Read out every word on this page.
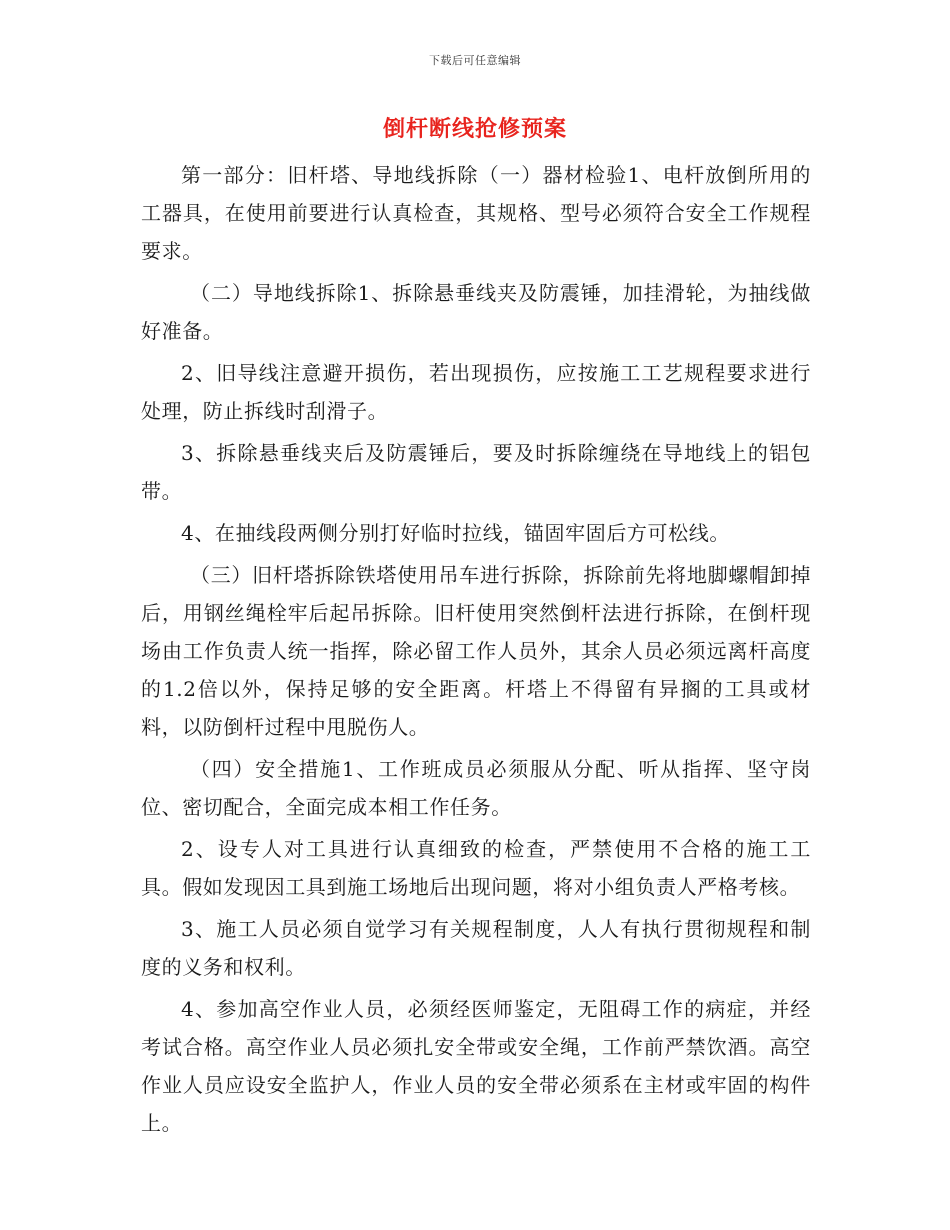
下载后可任意编辑
倒杆断线抢修预案

第一部分：旧杆塔、导地线拆除（一）器材检验1、电杆放倒所用的工器具，在使用前要进行认真检查，其规格、型号必须符合安全工作规程要求。

（二）导地线拆除1、拆除悬垂线夹及防震锤，加挂滑轮，为抽线做好准备。

2、旧导线注意避开损伤，若出现损伤，应按施工工艺规程要求进行处理，防止拆线时刮滑子。

3、拆除悬垂线夹后及防震锤后，要及时拆除缠绕在导地线上的铝包带。

4、在抽线段两侧分别打好临时拉线，锚固牢固后方可松线。

（三）旧杆塔拆除铁塔使用吊车进行拆除，拆除前先将地脚螺帽卸掉后，用钢丝绳栓牢后起吊拆除。旧杆使用突然倒杆法进行拆除，在倒杆现场由工作负责人统一指挥，除必留工作人员外，其余人员必须远离杆高度的1.2倍以外，保持足够的安全距离。杆塔上不得留有异搁的工具或材料，以防倒杆过程中甩脱伤人。

（四）安全措施1、工作班成员必须服从分配、听从指挥、坚守岗位、密切配合，全面完成本相工作任务。

2、设专人对工具进行认真细致的检查，严禁使用不合格的施工工具。假如发现因工具到施工场地后出现问题，将对小组负责人严格考核。

3、施工人员必须自觉学习有关规程制度，人人有执行贯彻规程和制度的义务和权利。

4、参加高空作业人员，必须经医师鉴定，无阻碍工作的病症，并经考试合格。高空作业人员必须扎安全带或安全绳，工作前严禁饮酒。高空作业人员应设安全监护人，作业人员的安全带必须系在主材或牢固的构件上。
